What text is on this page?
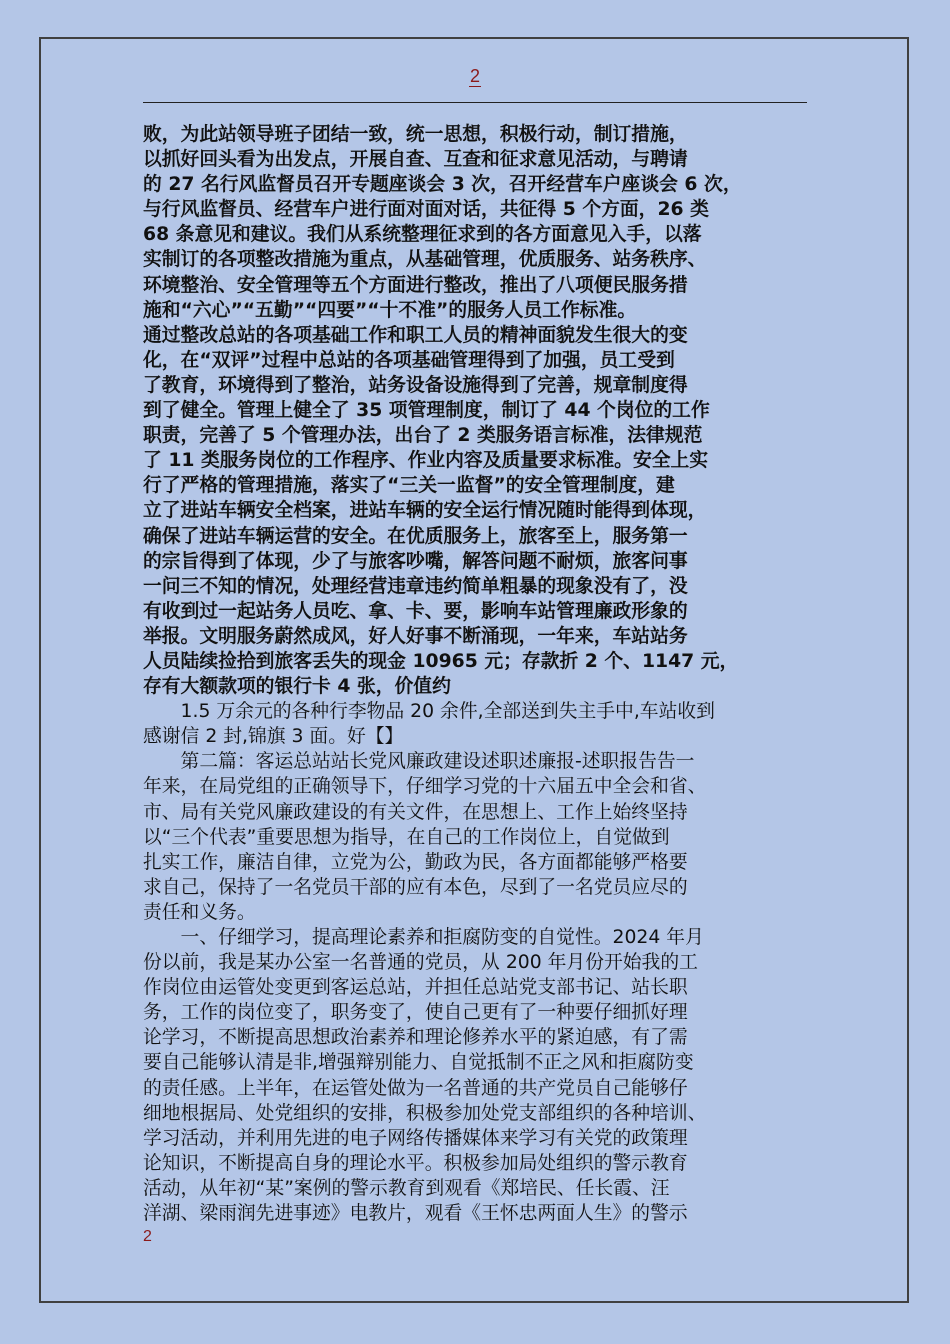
2
败，为此站领导班子团结一致，统一思想，积极行动，制订措施，
以抓好回头看为出发点，开展自查、互查和征求意见活动，与聘请
的 27 名行风监督员召开专题座谈会 3 次，召开经营车户座谈会 6 次，
与行风监督员、经营车户进行面对面对话，共征得 5 个方面，26 类
68 条意见和建议。我们从系统整理征求到的各方面意见入手，以落
实制订的各项整改措施为重点，从基础管理，优质服务、站务秩序、
环境整治、安全管理等五个方面进行整改，推出了八项便民服务措
施和“六心”“五勤”“四要”“十不准”的服务人员工作标准。
通过整改总站的各项基础工作和职工人员的精神面貌发生很大的变
化，在“双评”过程中总站的各项基础管理得到了加强，员工受到
了教育，环境得到了整治，站务设备设施得到了完善，规章制度得
到了健全。管理上健全了 35 项管理制度，制订了 44 个岗位的工作
职责，完善了 5 个管理办法，出台了 2 类服务语言标准，法律规范
了 11 类服务岗位的工作程序、作业内容及质量要求标准。安全上实
行了严格的管理措施，落实了“三关一监督”的安全管理制度，建
立了进站车辆安全档案，进站车辆的安全运行情况随时能得到体现，
确保了进站车辆运营的安全。在优质服务上，旅客至上，服务第一
的宗旨得到了体现，少了与旅客吵嘴，解答问题不耐烦，旅客问事
一问三不知的情况，处理经营违章违约简单粗暴的现象没有了，没
有收到过一起站务人员吃、拿、卡、要，影响车站管理廉政形象的
举报。文明服务蔚然成风，好人好事不断涌现，一年来，车站站务
人员陆续捡拾到旅客丢失的现金 10965 元；存款折 2 个、1147 元，
存有大额款项的银行卡 4 张，价值约
　　1.5 万余元的各种行李物品 20 余件,全部送到失主手中,车站收到
感谢信 2 封,锦旗 3 面。好【】
　　第二篇：客运总站站长党风廉政建设述职述廉报-述职报告告一
年来，在局党组的正确领导下，仔细学习党的十六届五中全会和省、
市、局有关党风廉政建设的有关文件，在思想上、工作上始终坚持
以“三个代表”重要思想为指导，在自己的工作岗位上，自觉做到
扎实工作，廉洁自律，立党为公，勤政为民，各方面都能够严格要
求自己，保持了一名党员干部的应有本色，尽到了一名党员应尽的
责任和义务。
　　一、仔细学习，提高理论素养和拒腐防变的自觉性。2024 年月
份以前，我是某办公室一名普通的党员，从 200 年月份开始我的工
作岗位由运管处变更到客运总站，并担任总站党支部书记、站长职
务，工作的岗位变了，职务变了，使自己更有了一种要仔细抓好理
论学习，不断提高思想政治素养和理论修养水平的紧迫感，有了需
要自己能够认清是非,增强辩别能力、自觉抵制不正之风和拒腐防变
的责任感。上半年，在运管处做为一名普通的共产党员自己能够仔
细地根据局、处党组织的安排，积极参加处党支部组织的各种培训、
学习活动，并利用先进的电子网络传播媒体来学习有关党的政策理
论知识，不断提高自身的理论水平。积极参加局处组织的警示教育
活动，从年初“某”案例的警示教育到观看《郑培民、任长霞、汪
洋湖、梁雨润先进事迹》电教片，观看《王怀忠两面人生》的警示
2
